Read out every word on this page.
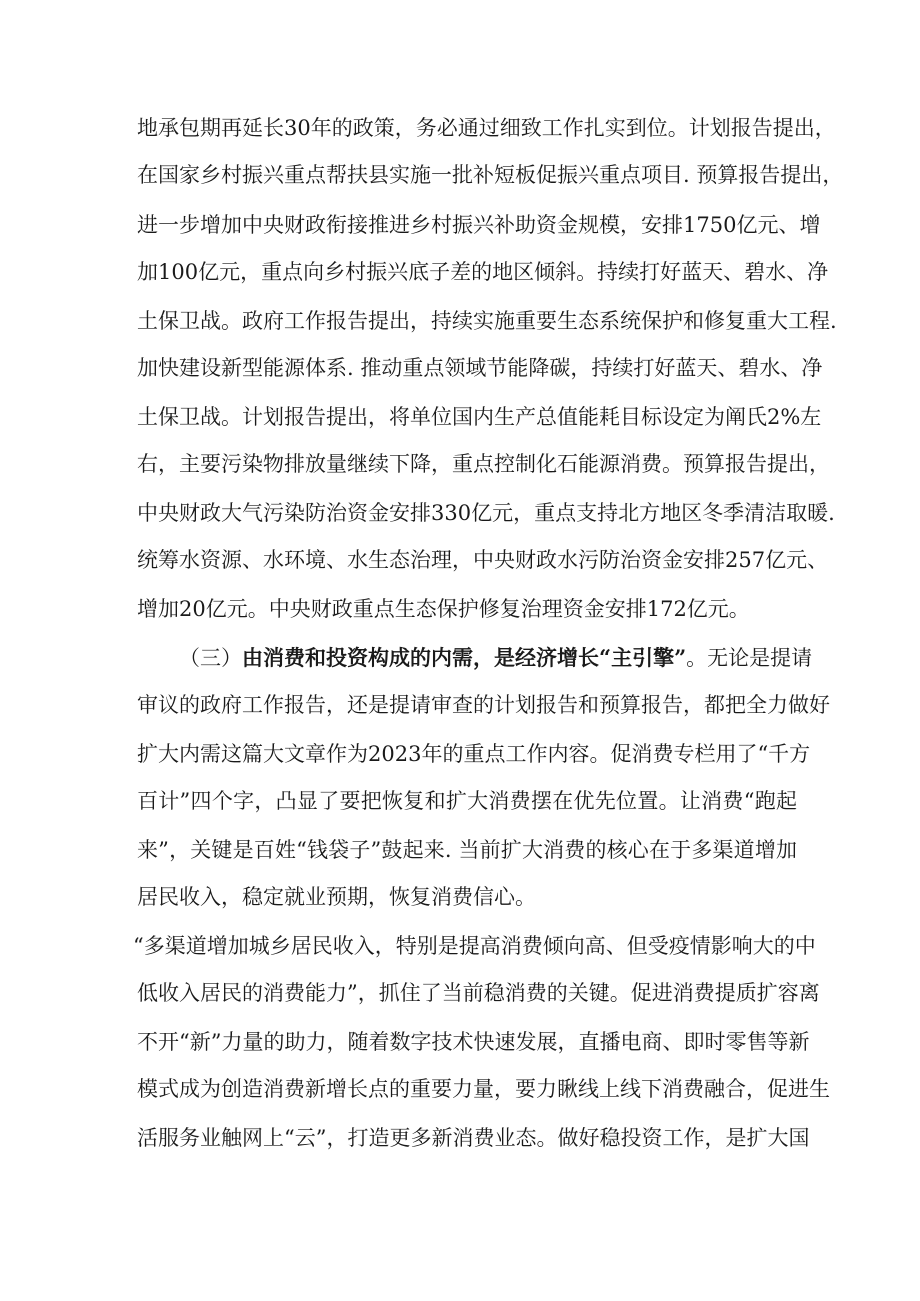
地承包期再延长30年的政策，务必通过细致工作扎实到位。计划报告提出，
在国家乡村振兴重点帮扶县实施一批补短板促振兴重点项目. 预算报告提出，
进一步增加中央财政衔接推进乡村振兴补助资金规模，安排1750亿元、增
加100亿元，重点向乡村振兴底子差的地区倾斜。持续打好蓝天、碧水、净
土保卫战。政府工作报告提出，持续实施重要生态系统保护和修复重大工程.
加快建设新型能源体系. 推动重点领域节能降碳，持续打好蓝天、碧水、净
土保卫战。计划报告提出，将单位国内生产总值能耗目标设定为阐氏2%左
右，主要污染物排放量继续下降，重点控制化石能源消费。预算报告提出，
中央财政大气污染防治资金安排330亿元，重点支持北方地区冬季清洁取暖.
统筹水资源、水环境、水生态治理，中央财政水污防治资金安排257亿元、
增加20亿元。中央财政重点生态保护修复治理资金安排172亿元。
（三）由消费和投资构成的内需，是经济增长“主引擎”。无论是提请
审议的政府工作报告，还是提请审查的计划报告和预算报告，都把全力做好
扩大内需这篇大文章作为2023年的重点工作内容。促消费专栏用了“千方
百计”四个字，凸显了要把恢复和扩大消费摆在优先位置。让消费“跑起
来”，关键是百姓“钱袋子”鼓起来. 当前扩大消费的核心在于多渠道增加
居民收入，稳定就业预期，恢复消费信心。
“多渠道增加城乡居民收入，特别是提高消费倾向高、但受疫情影响大的中
低收入居民的消费能力”，抓住了当前稳消费的关键。促进消费提质扩容离
不开“新”力量的助力，随着数字技术快速发展，直播电商、即时零售等新
模式成为创造消费新增长点的重要力量，要力瞅线上线下消费融合，促进生
活服务业触网上“云”，打造更多新消费业态。做好稳投资工作，是扩大国
